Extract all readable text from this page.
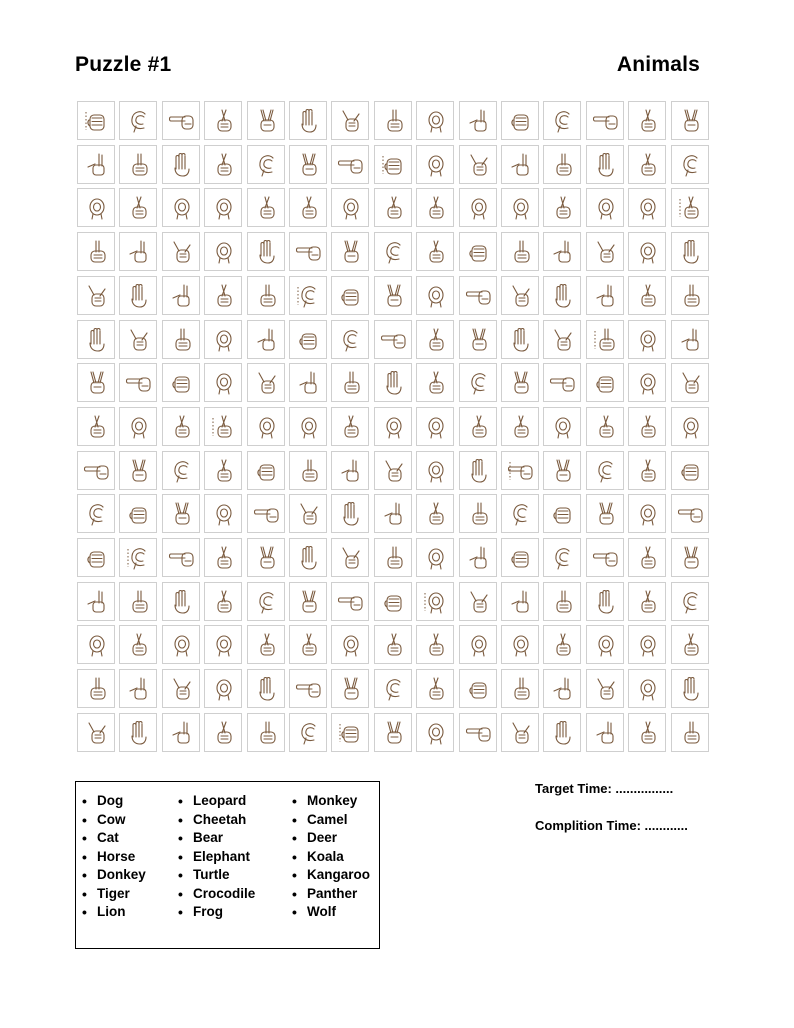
Puzzle #1	Animals
• Dog
• Cow
• Cat
• Horse
• Donkey
• Tiger
• Lion
• Leopard
• Cheetah
• Bear
• Elephant
• Turtle
• Crocodile
• Frog
• Monkey
• Camel
• Deer
• Koala
• Kangaroo
• Panther
• Wolf
Target Time: ................
Complition Time: ............
